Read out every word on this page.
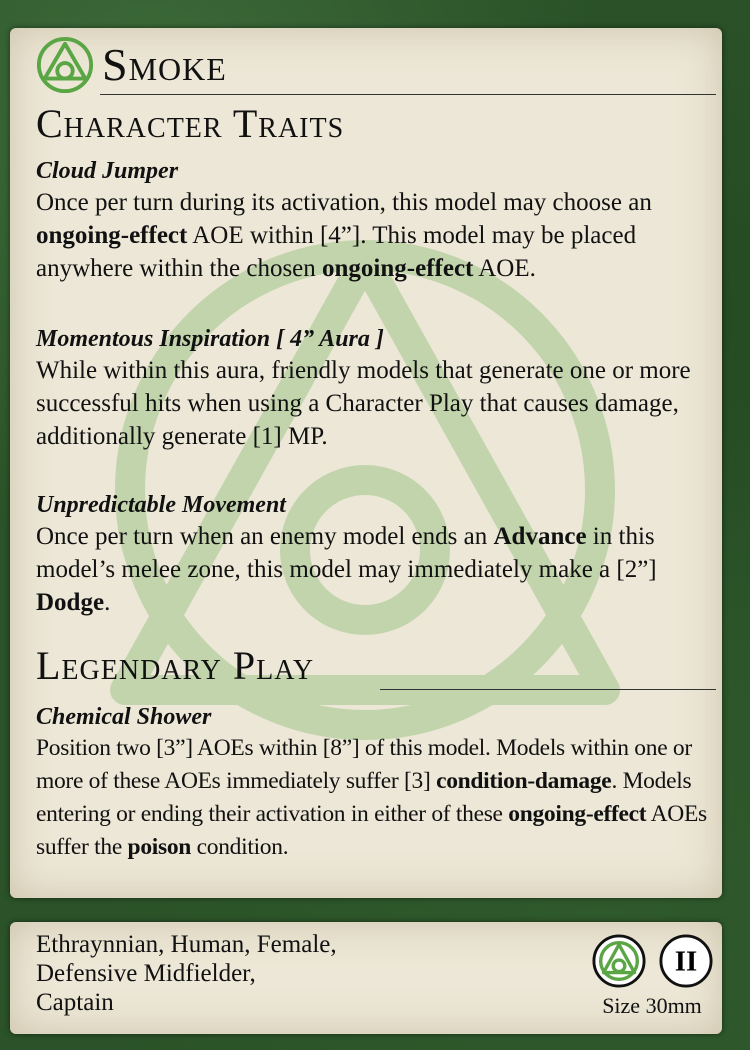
Smoke
Character Traits
Cloud Jumper
Once per turn during its activation, this model may choose an ongoing-effect AOE within [4”]. This model may be placed anywhere within the chosen ongoing-effect AOE.
Momentous Inspiration [ 4” Aura ]
While within this aura, friendly models that generate one or more successful hits when using a Character Play that causes damage, additionally generate [1] MP.
Unpredictable Movement
Once per turn when an enemy model ends an Advance in this model’s melee zone, this model may immediately make a [2”] Dodge.
Legendary Play
Chemical Shower
Position two [3”] AOEs within [8”] of this model. Models within one or more of these AOEs immediately suffer [3] condition-damage. Models entering or ending their activation in either of these ongoing-effect AOEs suffer the poison condition.
Ethraynnian, Human, Female,
Defensive Midfielder,
Captain
II
Size 30mm
